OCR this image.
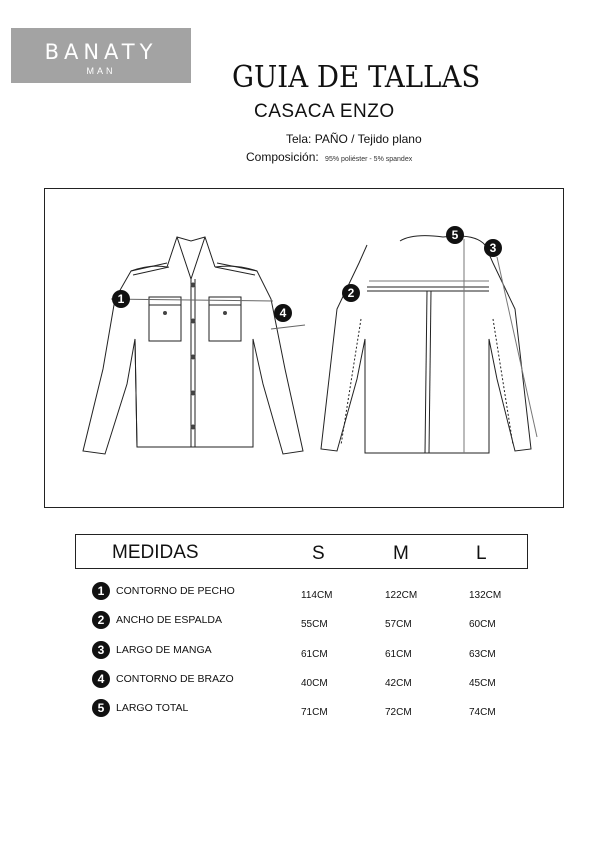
BANATY
MAN	GUIA DE TALLAS
CASACA ENZO
Tela: PAÑO / Tejido plano
Composición: 95% poliéster - 5% spandex
1
4
2
5
3
MEDIDAS	S	M	L
1	CONTORNO DE PECHO	114CM	122CM	132CM
2	ANCHO DE ESPALDA	55CM	57CM	60CM
3	LARGO DE MANGA	61CM	61CM	63CM
4	CONTORNO DE BRAZO	40CM	42CM	45CM
5	LARGO TOTAL	71CM	72CM	74CM
